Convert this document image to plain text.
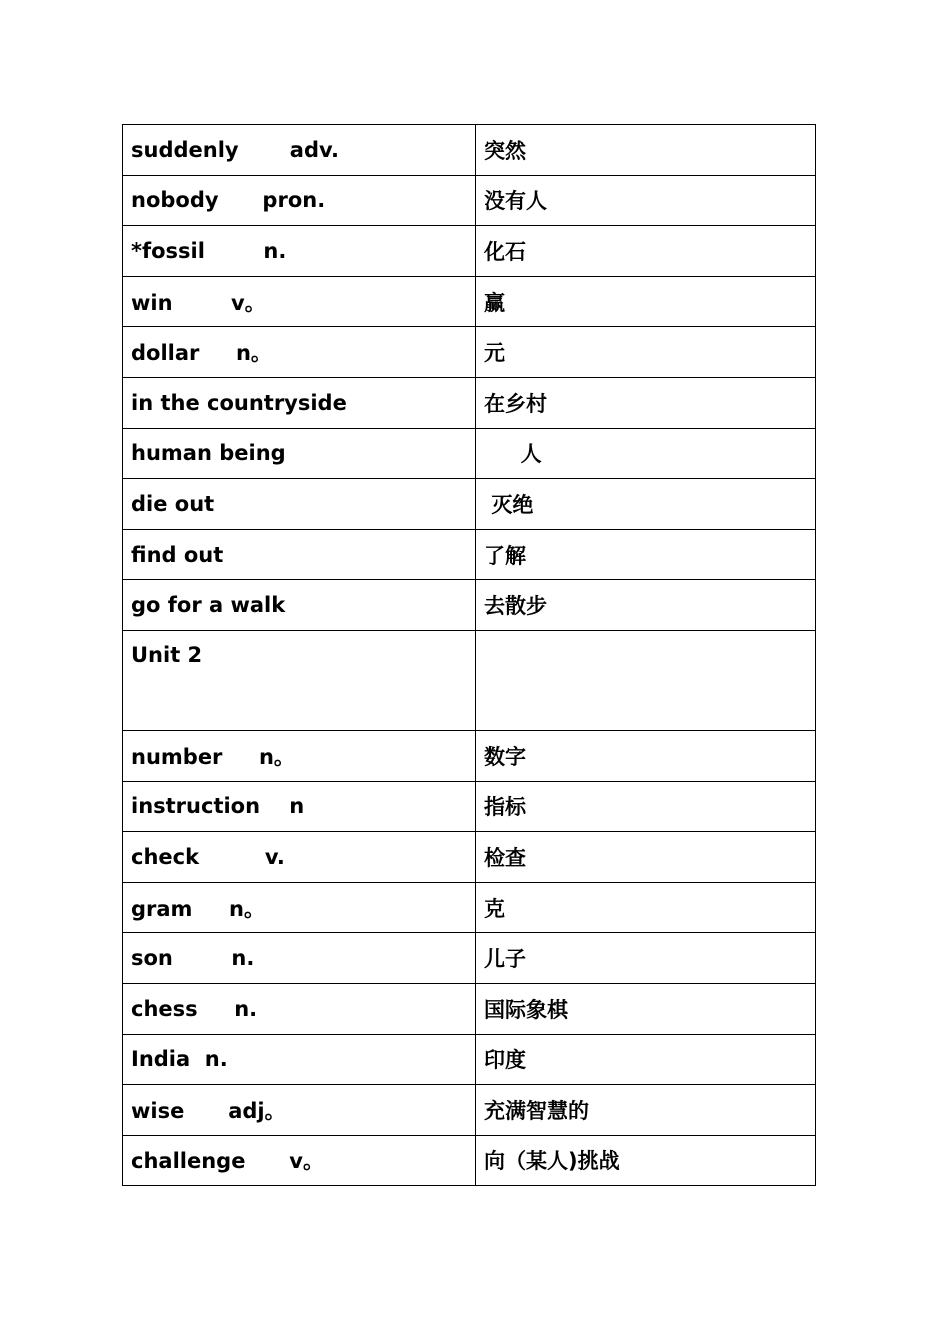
suddenly       adv.	突然
nobody      pron.	没有人
*fossil        n.	化石
win        v。	赢
dollar     n。	元
in the countryside	在乡村
human being	人
die out	灭绝
find out	了解
go for a walk	去散步
Unit 2	
number     n。	数字
instruction    n	指标
check         v.	检查
gram     n。	克
son        n.	儿子
chess     n.	国际象棋
India  n.	印度
wise      adj。	充满智慧的
challenge      v。	向（某人)挑战
